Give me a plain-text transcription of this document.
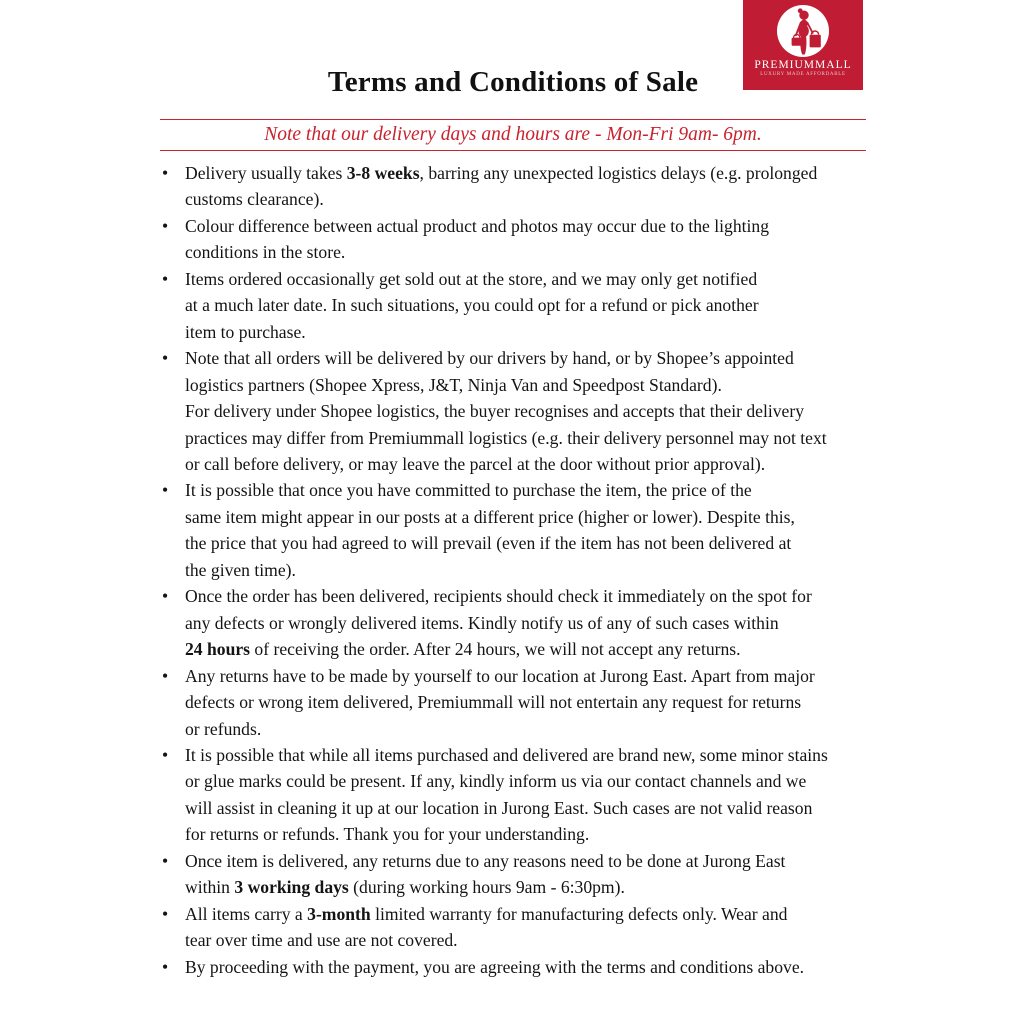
PREMIUMMALL
LUXURY MADE AFFORDABLE
Terms and Conditions of Sale

Note that our delivery days and hours are - Mon-Fri 9am- 6pm.

• Delivery usually takes 3-8 weeks, barring any unexpected logistics delays (e.g. prolonged
customs clearance).
• Colour difference between actual product and photos may occur due to the lighting
conditions in the store.
• Items ordered occasionally get sold out at the store, and we may only get notified
at a much later date. In such situations, you could opt for a refund or pick another
item to purchase.
• Note that all orders will be delivered by our drivers by hand, or by Shopee’s appointed
logistics partners (Shopee Xpress, J&T, Ninja Van and Speedpost Standard).
For delivery under Shopee logistics, the buyer recognises and accepts that their delivery
practices may differ from Premiummall logistics (e.g. their delivery personnel may not text
or call before delivery, or may leave the parcel at the door without prior approval).
• It is possible that once you have committed to purchase the item, the price of the
same item might appear in our posts at a different price (higher or lower). Despite this,
the price that you had agreed to will prevail (even if the item has not been delivered at
the given time).
• Once the order has been delivered, recipients should check it immediately on the spot for
any defects or wrongly delivered items. Kindly notify us of any of such cases within
24 hours of receiving the order. After 24 hours, we will not accept any returns.
• Any returns have to be made by yourself to our location at Jurong East. Apart from major
defects or wrong item delivered, Premiummall will not entertain any request for returns
or refunds.
• It is possible that while all items purchased and delivered are brand new, some minor stains
or glue marks could be present. If any, kindly inform us via our contact channels and we
will assist in cleaning it up at our location in Jurong East. Such cases are not valid reason
for returns or refunds. Thank you for your understanding.
• Once item is delivered, any returns due to any reasons need to be done at Jurong East
within 3 working days (during working hours 9am - 6:30pm).
• All items carry a 3-month limited warranty for manufacturing defects only. Wear and
tear over time and use are not covered.
• By proceeding with the payment, you are agreeing with the terms and conditions above.
